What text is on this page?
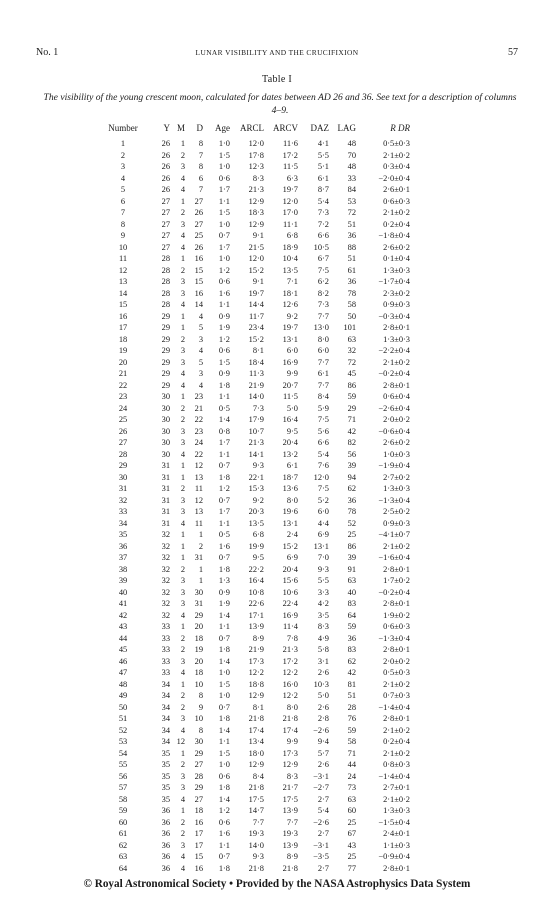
No. 1	LUNAR VISIBILITY AND THE CRUCIFIXION	57
Table I
The visibility of the young crescent moon, calculated for dates between AD 26 and 36. See text for a description of columns 4–9.
Number	Y	M	D	Age	ARCL	ARCV	DAZ	LAG	R DR
1	26	1	8	1·0	12·0	11·6	4·1	48	0·5±0·3
2	26	2	7	1·5	17·8	17·2	5·5	70	2·1±0·2
3	26	3	8	1·0	12·3	11·5	5·1	48	0·3±0·4
4	26	4	6	0·6	8·3	6·3	6·1	33	−2·0±0·4
5	26	4	7	1·7	21·3	19·7	8·7	84	2·6±0·1
6	27	1	27	1·1	12·9	12·0	5·4	53	0·6±0·3
7	27	2	26	1·5	18·3	17·0	7·3	72	2·1±0·2
8	27	3	27	1·0	12·9	11·1	7·2	51	0·2±0·4
9	27	4	25	0·7	9·1	6·8	6·6	36	−1·8±0·4
10	27	4	26	1·7	21·5	18·9	10·5	88	2·6±0·2
11	28	1	16	1·0	12·0	10·4	6·7	51	0·1±0·4
12	28	2	15	1·2	15·2	13·5	7·5	61	1·3±0·3
13	28	3	15	0·6	9·1	7·1	6·2	36	−1·7±0·4
14	28	3	16	1·6	19·7	18·1	8·2	78	2·3±0·2
15	28	4	14	1·1	14·4	12·6	7·3	58	0·9±0·3
16	29	1	4	0·9	11·7	9·2	7·7	50	−0·3±0·4
17	29	1	5	1·9	23·4	19·7	13·0	101	2·8±0·1
18	29	2	3	1·2	15·2	13·1	8·0	63	1·3±0·3
19	29	3	4	0·6	8·1	6·0	6·0	32	−2·2±0·4
20	29	3	5	1·5	18·4	16·9	7·7	72	2·1±0·2
21	29	4	3	0·9	11·3	9·9	6·1	45	−0·2±0·4
22	29	4	4	1·8	21·9	20·7	7·7	86	2·8±0·1
23	30	1	23	1·1	14·0	11·5	8·4	59	0·6±0·4
24	30	2	21	0·5	7·3	5·0	5·9	29	−2·6±0·4
25	30	2	22	1·4	17·9	16·4	7·5	71	2·0±0·2
26	30	3	23	0·8	10·7	9·5	5·6	42	−0·6±0·4
27	30	3	24	1·7	21·3	20·4	6·6	82	2·6±0·2
28	30	4	22	1·1	14·1	13·2	5·4	56	1·0±0·3
29	31	1	12	0·7	9·3	6·1	7·6	39	−1·9±0·4
30	31	1	13	1·8	22·1	18·7	12·0	94	2·7±0·2
31	31	2	11	1·2	15·3	13·6	7·5	62	1·3±0·3
32	31	3	12	0·7	9·2	8·0	5·2	36	−1·3±0·4
33	31	3	13	1·7	20·3	19·6	6·0	78	2·5±0·2
34	31	4	11	1·1	13·5	13·1	4·4	52	0·9±0·3
35	32	1	1	0·5	6·8	2·4	6·9	25	−4·1±0·7
36	32	1	2	1·6	19·9	15·2	13·1	86	2·1±0·2
37	32	1	31	0·7	9·5	6·9	7·0	39	−1·6±0·4
38	32	2	1	1·8	22·2	20·4	9·3	91	2·8±0·1
39	32	3	1	1·3	16·4	15·6	5·5	63	1·7±0·2
40	32	3	30	0·9	10·8	10·6	3·3	40	−0·2±0·4
41	32	3	31	1·9	22·6	22·4	4·2	83	2·8±0·1
42	32	4	29	1·4	17·1	16·9	3·5	64	1·9±0·2
43	33	1	20	1·1	13·9	11·4	8·3	59	0·6±0·3
44	33	2	18	0·7	8·9	7·8	4·9	36	−1·3±0·4
45	33	2	19	1·8	21·9	21·3	5·8	83	2·8±0·1
46	33	3	20	1·4	17·3	17·2	3·1	62	2·0±0·2
47	33	4	18	1·0	12·2	12·2	2·6	42	0·5±0·3
48	34	1	10	1·5	18·8	16·0	10·3	81	2·1±0·2
49	34	2	8	1·0	12·9	12·2	5·0	51	0·7±0·3
50	34	2	9	0·7	8·1	8·0	2·6	28	−1·4±0·4
51	34	3	10	1·8	21·8	21·8	2·8	76	2·8±0·1
52	34	4	8	1·4	17·4	17·4	−2·6	59	2·1±0·2
53	34	12	30	1·1	13·4	9·9	9·4	58	0·2±0·4
54	35	1	29	1·5	18·0	17·3	5·7	71	2·1±0·2
55	35	2	27	1·0	12·9	12·9	2·6	44	0·8±0·3
56	35	3	28	0·6	8·4	8·3	−3·1	24	−1·4±0·4
57	35	3	29	1·8	21·8	21·7	−2·7	73	2·7±0·1
58	35	4	27	1·4	17·5	17·5	2·7	63	2·1±0·2
59	36	1	18	1·2	14·7	13·9	5·4	60	1·3±0·3
60	36	2	16	0·6	7·7	7·7	−2·6	25	−1·5±0·4
61	36	2	17	1·6	19·3	19·3	2·7	67	2·4±0·1
62	36	3	17	1·1	14·0	13·9	−3·1	43	1·1±0·3
63	36	4	15	0·7	9·3	8·9	−3·5	25	−0·9±0·4
64	36	4	16	1·8	21·8	21·8	2·7	77	2·8±0·1
© Royal Astronomical Society • Provided by the NASA Astrophysics Data System
